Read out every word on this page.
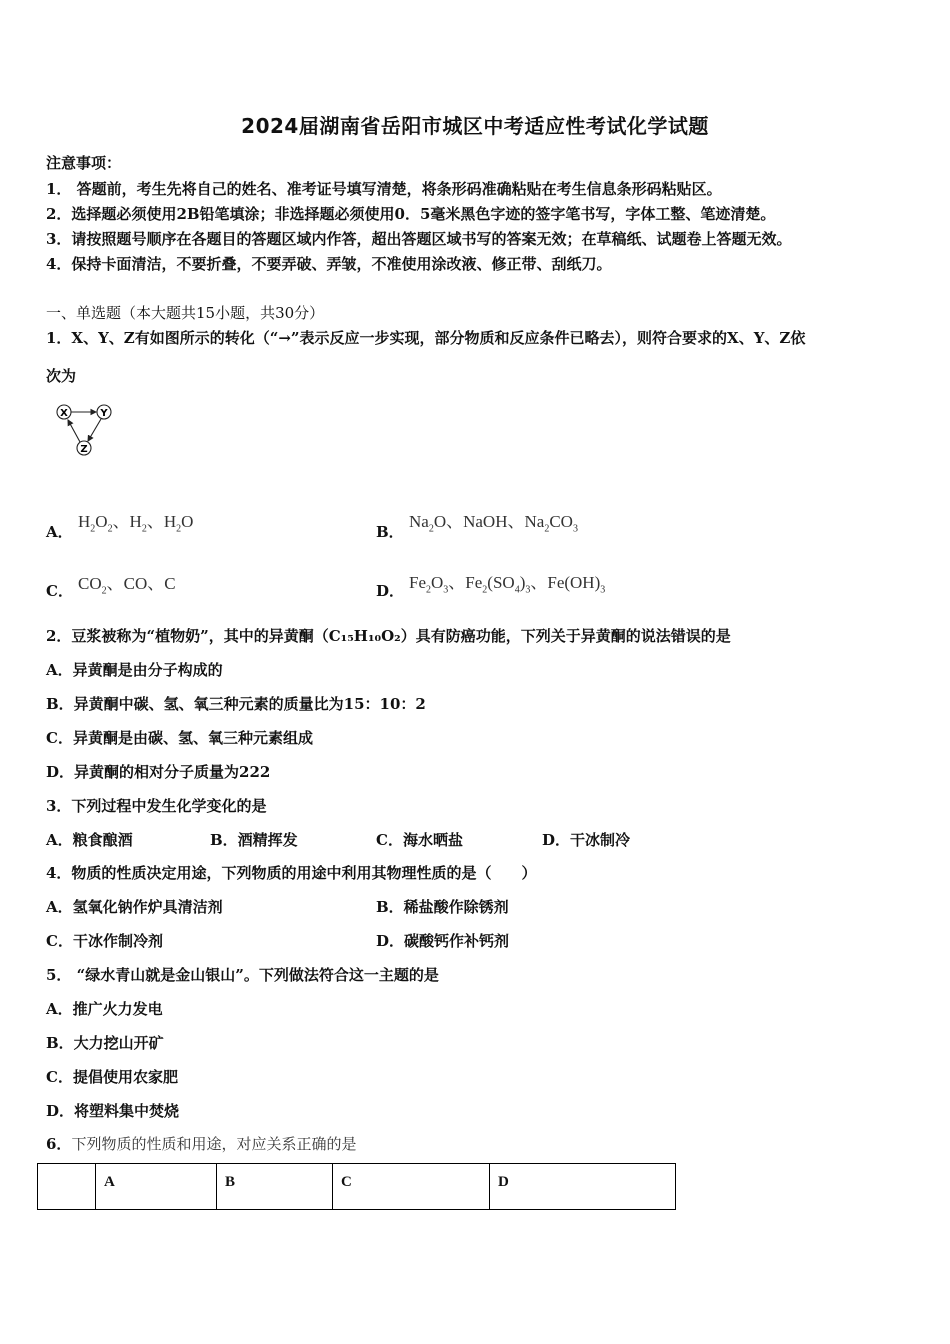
2024届湖南省岳阳市城区中考适应性考试化学试题
注意事项：
1． 答题前，考生先将自己的姓名、准考证号填写清楚，将条形码准确粘贴在考生信息条形码粘贴区。
2．选择题必须使用2B铅笔填涂；非选择题必须使用0．5毫米黑色字迹的签字笔书写，字体工整、笔迹清楚。
3．请按照题号顺序在各题目的答题区域内作答，超出答题区域书写的答案无效；在草稿纸、试题卷上答题无效。
4．保持卡面清洁，不要折叠，不要弄破、弄皱，不准使用涂改液、修正带、刮纸刀。
一、单选题（本大题共15小题，共30分）
1．X、Y、Z有如图所示的转化（“→”表示反应一步实现，部分物质和反应条件已略去），则符合要求的X、Y、Z依
次为
X	Y
Z
A．
$H_2O_2$、$H_2$、$H_2O$
B．
$Na_2O$、NaOH、$Na_2CO_3$
C． $CO_2$、CO、C	D． $Fe_2O_3$、$Fe_2(SO_4)_3$、$Fe(OH)_3$
2．豆浆被称为“植物奶”，其中的异黄酮（C₁₅H₁₀O₂）具有防癌功能，下列关于异黄酮的说法错误的是
A．异黄酮是由分子构成的
B．异黄酮中碳、氢、氧三种元素的质量比为15：10：2
C．异黄酮是由碳、氢、氧三种元素组成
D．异黄酮的相对分子质量为222
3．下列过程中发生化学变化的是
A．粮食酿酒	B．酒精挥发	C．海水晒盐	D．干冰制冷
4．物质的性质决定用途，下列物质的用途中利用其物理性质的是（　　）
A．氢氧化钠作炉具清洁剂	B．稀盐酸作除锈剂
C．干冰作制冷剂	D．碳酸钙作补钙剂
5． “绿水青山就是金山银山”。下列做法符合这一主题的是
A．推广火力发电
B．大力挖山开矿
C．提倡使用农家肥
D．将塑料集中焚烧
6．下列物质的性质和用途，对应关系正确的是
	A	B	C	D
